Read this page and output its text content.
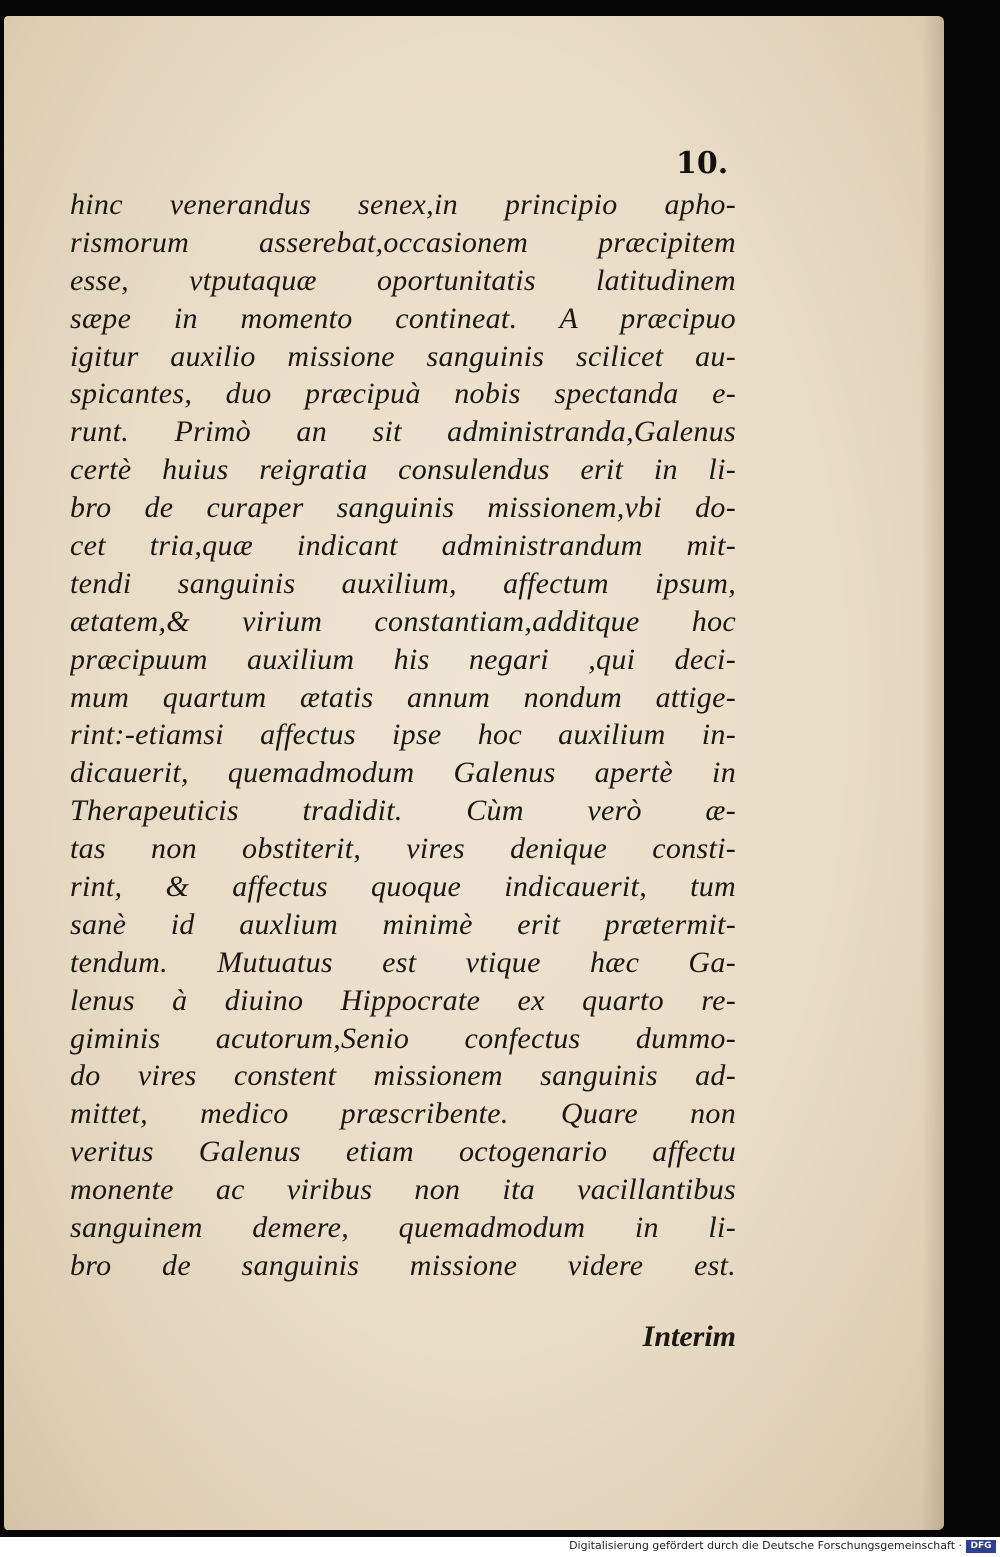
10.

hinc venerandus senex,in principio apho-
rismorum asserebat,occasionem præcipitem
esse, vtputaquæ oportunitatis latitudinem
sæpe in momento contineat. A præcipuo
igitur auxilio missione sanguinis scilicet au-
spicantes, duo præcipuà nobis spectanda e-
runt. Primò an sit administranda,Galenus
certè huius reigratia consulendus erit in li-
bro de curaper sanguinis missionem,vbi do-
cet tria,quæ indicant administrandum mit-
tendi sanguinis auxilium, affectum ipsum,
ætatem,& virium constantiam,additque hoc
præcipuum auxilium his negari ,qui deci-
mum quartum ætatis annum nondum attige-
rint:-etiamsi affectus ipse hoc auxilium in-
dicauerit, quemadmodum Galenus apertè in
Therapeuticis tradidit. Cùm verò æ-
tas non obstiterit, vires denique consti-
rint, & affectus quoque indicauerit, tum
sanè id auxlium minimè erit prætermit-
tendum. Mutuatus est vtique hæc Ga-
lenus à diuino Hippocrate ex quarto re-
giminis acutorum,Senio confectus dummo-
do vires constent missionem sanguinis ad-
mittet, medico præscribente. Quare non
veritus Galenus etiam octogenario affectu
monente ac viribus non ita vacillantibus
sanguinem demere, quemadmodum in li-
bro de sanguinis missione videre est.

Interim

Digitalisierung gefördert durch die Deutsche Forschungsgemeinschaft · DFG
